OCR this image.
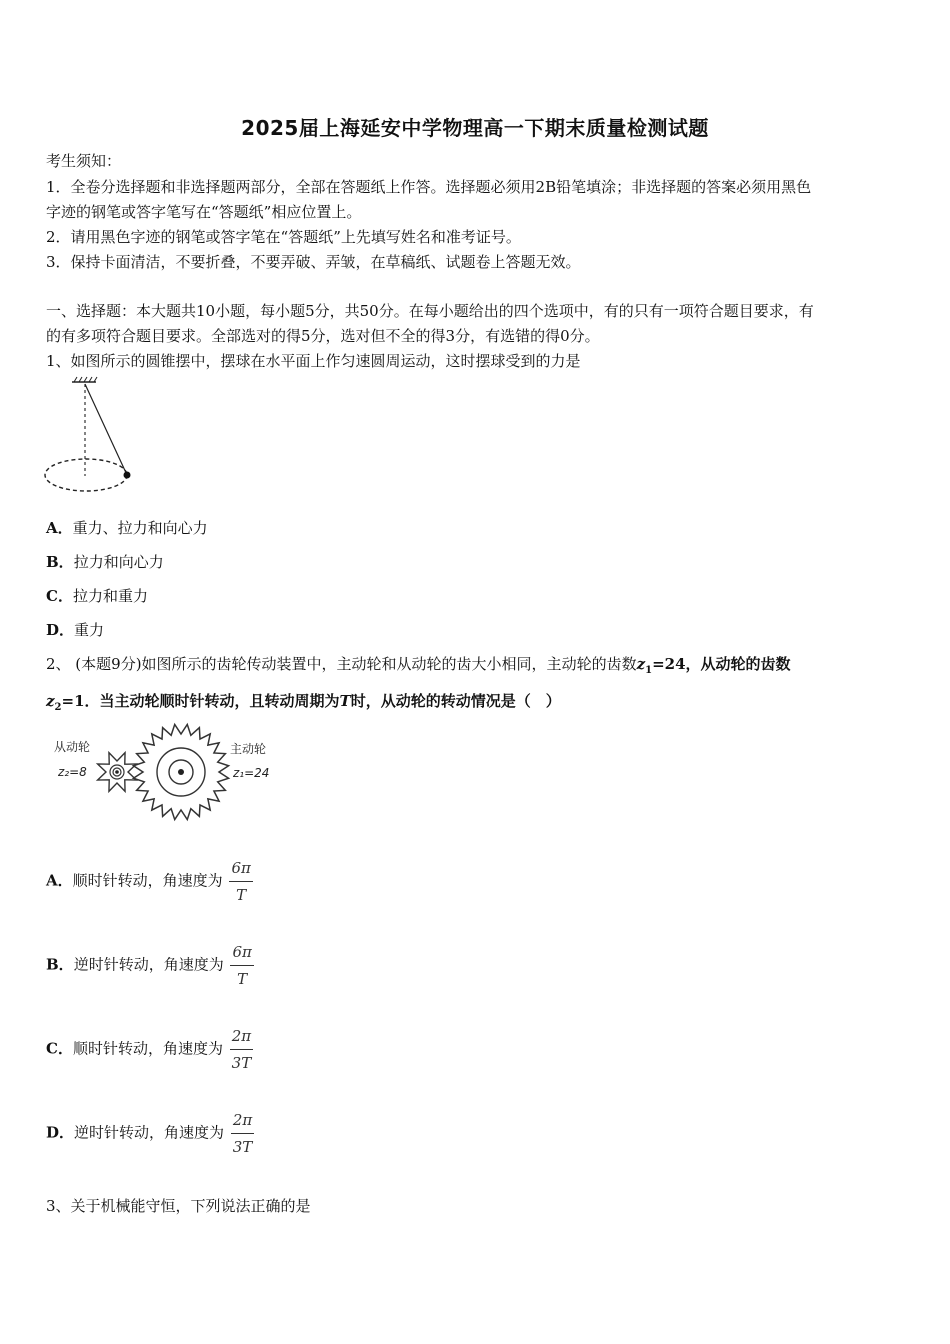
2025届上海延安中学物理高一下期末质量检测试题
考生须知：
1．全卷分选择题和非选择题两部分，全部在答题纸上作答。选择题必须用2B铅笔填涂；非选择题的答案必须用黑色
字迹的钢笔或答字笔写在“答题纸”相应位置上。
2．请用黑色字迹的钢笔或答字笔在“答题纸”上先填写姓名和准考证号。
3．保持卡面清洁，不要折叠，不要弄破、弄皱，在草稿纸、试题卷上答题无效。
一、选择题：本大题共10小题，每小题5分，共50分。在每小题给出的四个选项中，有的只有一项符合题目要求，有
的有多项符合题目要求。全部选对的得5分，选对但不全的得3分，有选错的得0分。
1、如图所示的圆锥摆中，摆球在水平面上作匀速圆周运动，这时摆球受到的力是
A．重力、拉力和向心力
B．拉力和向心力
C．拉力和重力
D．重力
2、 (本题9分)如图所示的齿轮传动装置中，主动轮和从动轮的齿大小相同，主动轮的齿数$z_1=24$，从动轮的齿数
$z_2=1$．当主动轮顺时针转动，且转动周期为T时，从动轮的转动情况是（　）
从动轮
z₂=8
主动轮
z₁=24
A．顺时针转动，角速度为 $\frac{6\pi}{T}$
B．逆时针转动，角速度为 $\frac{6\pi}{T}$
C．顺时针转动，角速度为 $\frac{2\pi}{3T}$
D．逆时针转动，角速度为 $\frac{2\pi}{3T}$
3、关于机械能守恒，下列说法正确的是
